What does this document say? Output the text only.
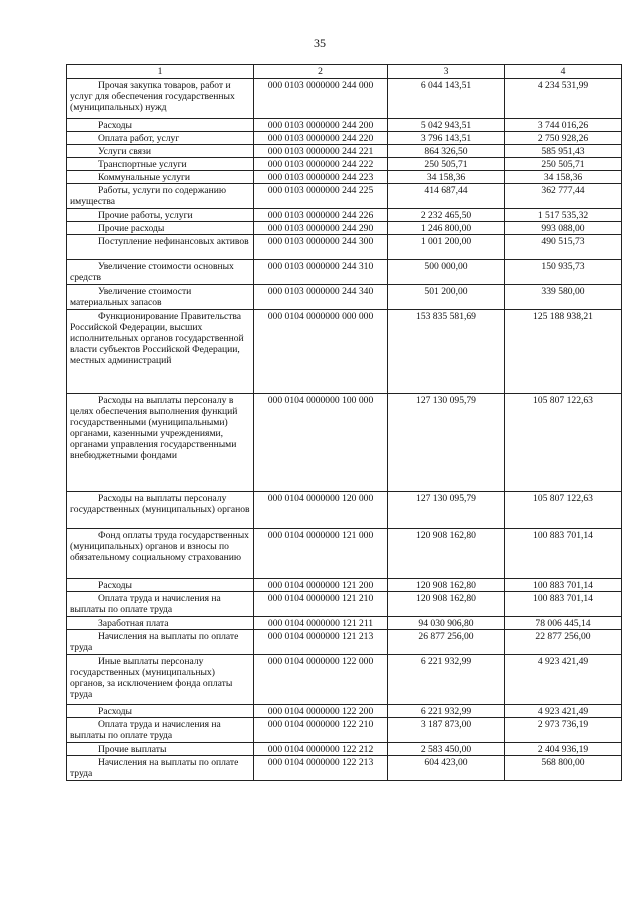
35
1	2	3	4
Прочая закупка товаров, работ и услуг для обеспечения государственных (муниципальных) нужд	000 0103 0000000 244 000	6 044 143,51	4 234 531,99
Расходы	000 0103 0000000 244 200	5 042 943,51	3 744 016,26
Оплата работ, услуг	000 0103 0000000 244 220	3 796 143,51	2 750 928,26
Услуги связи	000 0103 0000000 244 221	864 326,50	585 951,43
Транспортные услуги	000 0103 0000000 244 222	250 505,71	250 505,71
Коммунальные услуги	000 0103 0000000 244 223	34 158,36	34 158,36
Работы, услуги по содержанию имущества	000 0103 0000000 244 225	414 687,44	362 777,44
Прочие работы, услуги	000 0103 0000000 244 226	2 232 465,50	1 517 535,32
Прочие расходы	000 0103 0000000 244 290	1 246 800,00	993 088,00
Поступление нефинансовых активов	000 0103 0000000 244 300	1 001 200,00	490 515,73
Увеличение стоимости основных средств	000 0103 0000000 244 310	500 000,00	150 935,73
Увеличение стоимости материальных запасов	000 0103 0000000 244 340	501 200,00	339 580,00
Функционирование Правительства Российской Федерации, высших исполнительных органов государственной власти субъектов Российской Федерации, местных администраций	000 0104 0000000 000 000	153 835 581,69	125 188 938,21
Расходы на выплаты персоналу в целях обеспечения выполнения функций государственными (муниципальными) органами, казенными учреждениями, органами управления государственными внебюджетными фондами	000 0104 0000000 100 000	127 130 095,79	105 807 122,63
Расходы на выплаты персоналу государственных (муниципальных) органов	000 0104 0000000 120 000	127 130 095,79	105 807 122,63
Фонд оплаты труда государственных (муниципальных) органов и взносы по обязательному социальному страхованию	000 0104 0000000 121 000	120 908 162,80	100 883 701,14
Расходы	000 0104 0000000 121 200	120 908 162,80	100 883 701,14
Оплата труда и начисления на выплаты по оплате труда	000 0104 0000000 121 210	120 908 162,80	100 883 701,14
Заработная плата	000 0104 0000000 121 211	94 030 906,80	78 006 445,14
Начисления на выплаты по оплате труда	000 0104 0000000 121 213	26 877 256,00	22 877 256,00
Иные выплаты персоналу государственных (муниципальных) органов, за исключением фонда оплаты труда	000 0104 0000000 122 000	6 221 932,99	4 923 421,49
Расходы	000 0104 0000000 122 200	6 221 932,99	4 923 421,49
Оплата труда и начисления на выплаты по оплате труда	000 0104 0000000 122 210	3 187 873,00	2 973 736,19
Прочие выплаты	000 0104 0000000 122 212	2 583 450,00	2 404 936,19
Начисления на выплаты по оплате труда	000 0104 0000000 122 213	604 423,00	568 800,00
